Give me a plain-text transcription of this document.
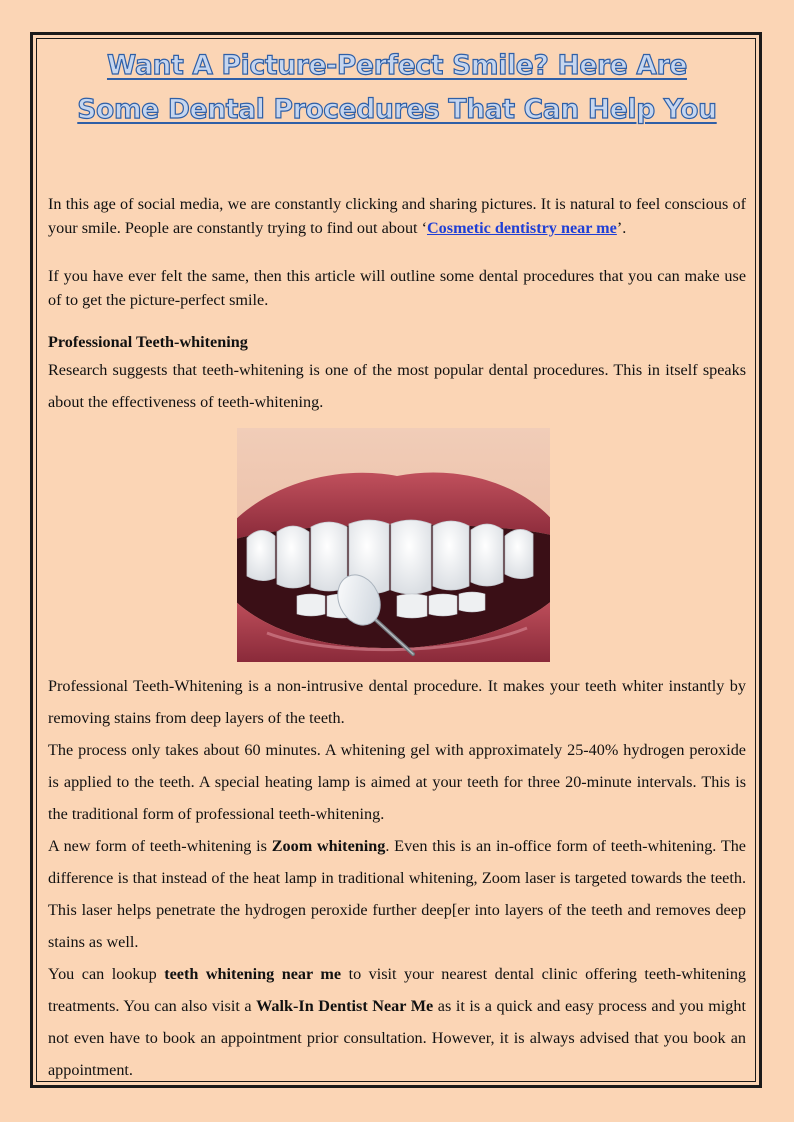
Want A Picture-Perfect Smile? Here Are
Some Dental Procedures That Can Help You

In this age of social media, we are constantly clicking and sharing pictures. It is natural to feel conscious of your smile. People are constantly trying to find out about ‘Cosmetic dentistry near me’.

If you have ever felt the same, then this article will outline some dental procedures that you can make use of to get the picture-perfect smile.

Professional Teeth-whitening

Research suggests that teeth-whitening is one of the most popular dental procedures. This in itself speaks about the effectiveness of teeth-whitening.

Professional Teeth-Whitening is a non-intrusive dental procedure. It makes your teeth whiter instantly by removing stains from deep layers of the teeth.

The process only takes about 60 minutes. A whitening gel with approximately 25-40% hydrogen peroxide is applied to the teeth. A special heating lamp is aimed at your teeth for three 20-minute intervals. This is the traditional form of professional teeth-whitening.

A new form of teeth-whitening is Zoom whitening. Even this is an in-office form of teeth-whitening. The difference is that instead of the heat lamp in traditional whitening, Zoom laser is targeted towards the teeth. This laser helps penetrate the hydrogen peroxide further deep[er into layers of the teeth and removes deep stains as well.

You can lookup teeth whitening near me to visit your nearest dental clinic offering teeth-whitening treatments. You can also visit a Walk-In Dentist Near Me as it is a quick and easy process and you might not even have to book an appointment prior consultation. However, it is always advised that you book an appointment.
